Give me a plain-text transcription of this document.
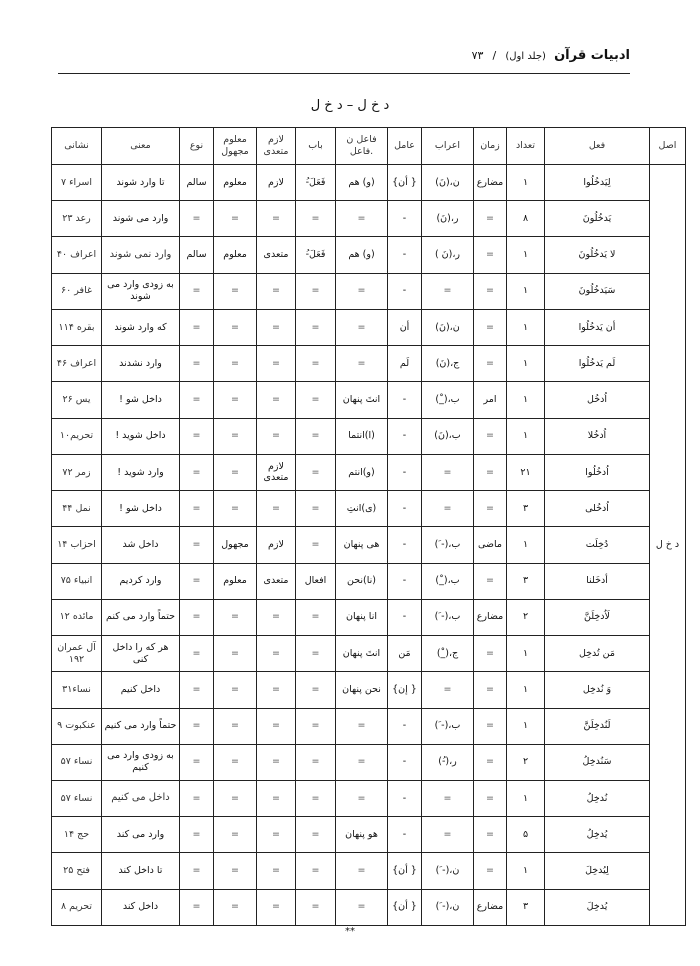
ادبیات قرآن (جلد اول) / ۷۳
د خ ل – د خ ل
اصل	فعل	تعداد	زمان	اعراب	عامل	فاعل ن .فاعل	باب	لازم متعدی	معلوم مجهول	نوع	معنی	نشانی
د خ ل	لِیَدخُلُوا	۱	مضارع	ن،(نَ)	{ أن}	(و) هم	فَعَلَ-ُ	لازم	معلوم	سالم	تا وارد شوند	اسراء ۷
	یَدخُلُونَ	۸	=	ر،(نَ)	-	=	=	=	=	=	وارد می شوند	رعد ۲۳
	لا یَدخُلُونَ	۱	=	ر،(نَ )	-	(و) هم	فَعَلَ-ُ	متعدی	معلوم	سالم	وارد نمی شوند	اعراف ۴۰
	سَیَدخُلُونَ	۱	=	=	-	=	=	=	=	=	به زودی وارد می شوند	غافر ۶۰
	أن یَدخُلُوا	۱	=	ن،(نَ)	أن	=	=	=	=	=	که وارد شوند	بقره ۱۱۴
	لَم یَدخُلُوا	۱	=	ج،(نَ)	لَم	=	=	=	=	=	وارد نشدند	اعراف ۴۶
	اُدخُل	۱	امر	ب،(_ْ)	-	انتَ پنهان	=	=	=	=	داخل شو !	یس ۲۶
	اُدخُلا	۱	=	ب،(نَ)	-	(ا)انتما	=	=	=	=	داخل شوید !	تحریم۱۰
	اُدخُلُوا	۲۱	=	=	-	(و)انتم	=	لازم متعدی	=	=	وارد شوید !	زمر ۷۲
	اُدخُلی	۳	=	=	-	(ی)انتِ	=	=	=	=	داخل شو !	نمل ۴۴
	دُخِلَت	۱	ماضی	ب،(- َ)	-	هی پنهان	=	لازم	مجهول	=	داخل شد	احزاب ۱۴
	أدخَلنا	۳	=	ب،(_ْ)	-	(نا)نحن	افعال	متعدی	معلوم	=	وارد کردیم	انبیاء ۷۵
	لَاُدخِلَنَّ	۲	مضارع	ب،(- َ)	-	انا پنهان	=	=	=	=	حتماً وارد می کنم	مائده ۱۲
	مَن تُدخِل	۱	=	ج،(_ْ)	مَن	انتَ پنهان	=	=	=	=	هر که را داخل کنی	آل عمران ۱۹۲
	وَ نُدخِل	۱	=	=	{ إن}	نحن پنهان	=	=	=	=	داخل کنیم	نساء۳۱
	لَنُدخِلَنَّ	۱	=	ب،(- َ)	-	=	=	=	=	=	حتماً وارد می کنیم	عنکبوت ۹
	سَنُدخِلُ	۲	=	ر،(-ُ)	-	=	=	=	=	=	به زودی وارد می کنیم	نساء ۵۷
	نُدخِلُ	۱	=	=	-	=	=	=	=	=	داخل می کنیم	نساء ۵۷
	یُدخِلُ	۵	=	=	-	هو پنهان	=	=	=	=	وارد می کند	حج ۱۴
	لِیُدخِلَ	۱	=	ن،(- َ)	{ أن}	=	=	=	=	=	تا داخل کند	فتح ۲۵
	یُدخِلَ	۳	مضارع	ن،(- َ)	{ أن}	=	=	=	=	=	داخل کند	تحریم ۸
**
